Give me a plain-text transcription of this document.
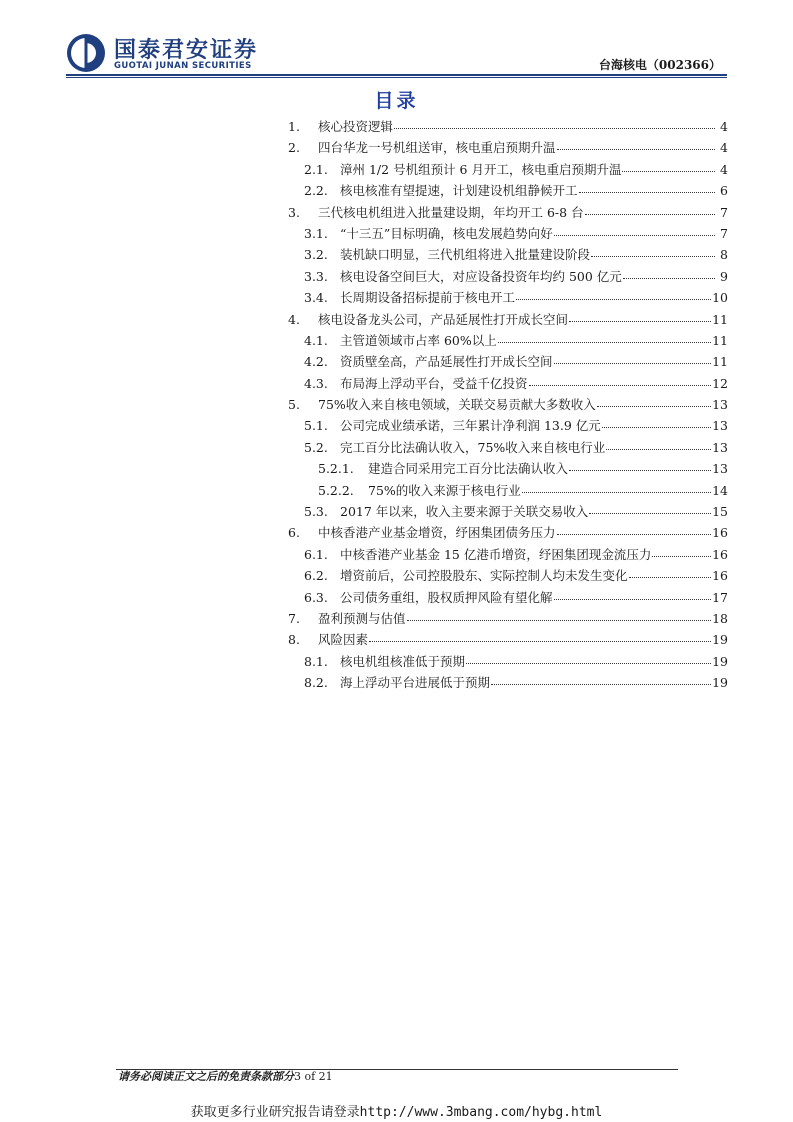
国泰君安证券
GUOTAI JUNAN SECURITIES	台海核电（002366）
目录
1.	核心投资逻辑	4
2.	四台华龙一号机组送审，核电重启预期升温	4
2.1. 漳州 1/2 号机组预计 6 月开工，核电重启预期升温	4
2.2. 核电核准有望提速，计划建设机组静候开工	6
3.	三代核电机组进入批量建设期，年均开工 6-8 台	7
3.1. “十三五”目标明确，核电发展趋势向好	7
3.2. 装机缺口明显，三代机组将进入批量建设阶段	8
3.3. 核电设备空间巨大，对应设备投资年均约 500 亿元	9
3.4. 长周期设备招标提前于核电开工	10
4.	核电设备龙头公司，产品延展性打开成长空间	11
4.1. 主管道领域市占率 60%以上	11
4.2. 资质壁垒高，产品延展性打开成长空间	11
4.3. 布局海上浮动平台，受益千亿投资	12
5.	75%收入来自核电领域，关联交易贡献大多数收入	13
5.1. 公司完成业绩承诺，三年累计净利润 13.9 亿元	13
5.2. 完工百分比法确认收入，75%收入来自核电行业	13
5.2.1.	建造合同采用完工百分比法确认收入	13
5.2.2.	75%的收入来源于核电行业	14
5.3. 2017 年以来，收入主要来源于关联交易收入	15
6.	中核香港产业基金增资，纾困集团债务压力	16
6.1. 中核香港产业基金 15 亿港币增资，纾困集团现金流压力	16
6.2. 增资前后，公司控股股东、实际控制人均未发生变化	16
6.3. 公司债务重组，股权质押风险有望化解	17
7.	盈利预测与估值	18
8.	风险因素	19
8.1. 核电机组核准低于预期	19
8.2. 海上浮动平台进展低于预期	19
请务必阅读正文之后的免责条款部分3 of 21
获取更多行业研究报告请登录http://www.3mbang.com/hybg.html
